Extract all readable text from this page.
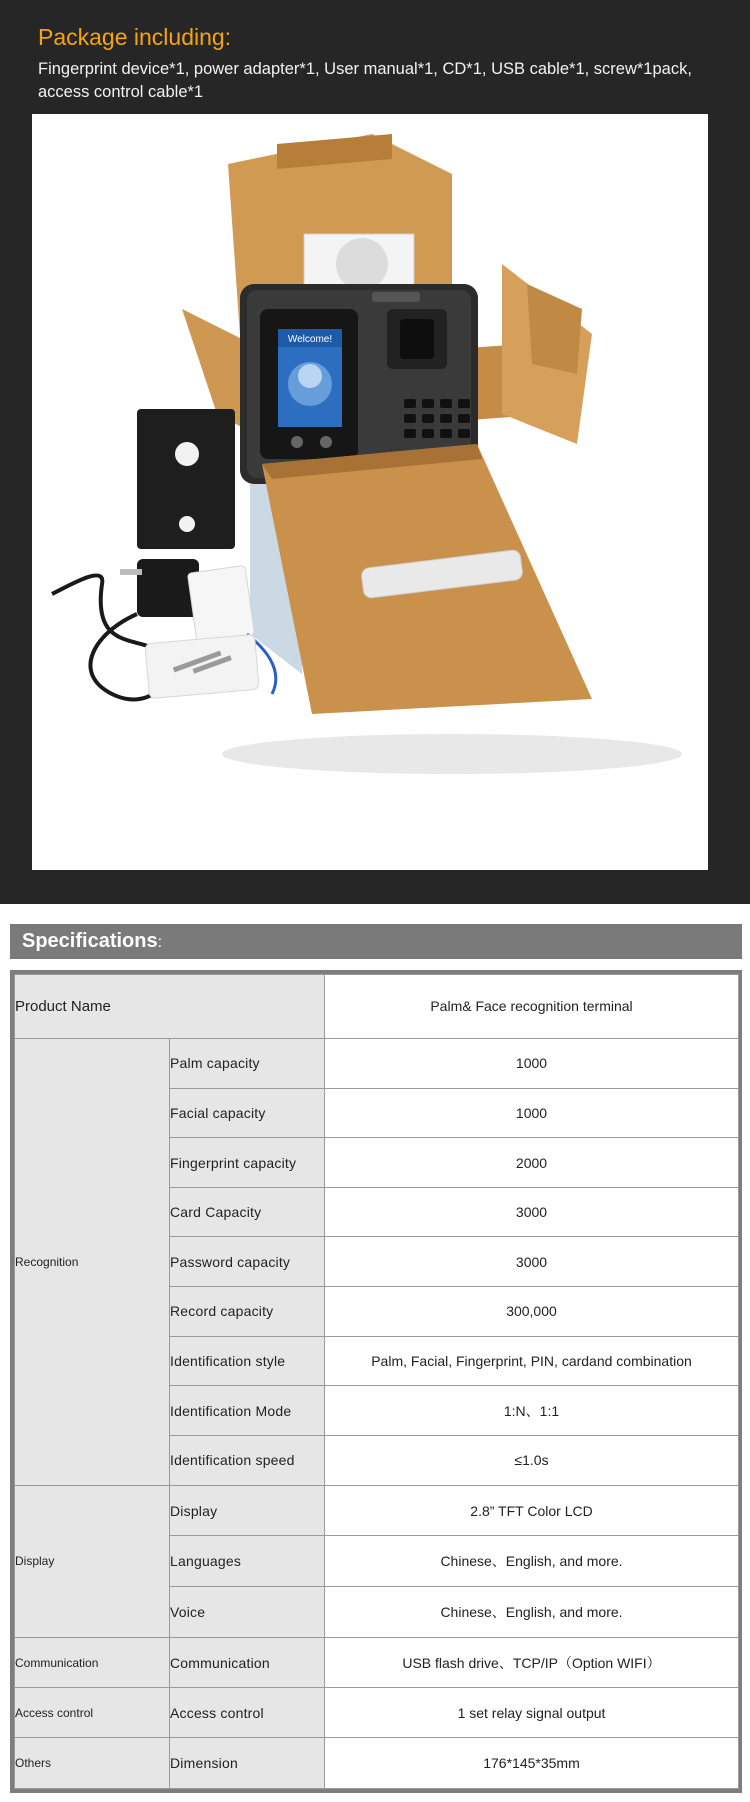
Package including:
Fingerprint device*1, power adapter*1, User manual*1, CD*1, USB cable*1, screw*1pack,
access control cable*1
Welcome!
Specifications:
Product Name		Palm& Face recognition terminal
Recognition	Palm capacity	1000
	Facial capacity	1000
	Fingerprint capacity	2000
	Card Capacity	3000
	Password capacity	3000
	Record capacity	300,000
	Identification style	Palm, Facial, Fingerprint, PIN, cardand combination
	Identification Mode	1:N、1:1
	Identification speed	≤1.0s
Display	Display	2.8” TFT Color LCD
	Languages	Chinese、English, and more.
	Voice	Chinese、English, and more.
Communication	Communication	USB flash drive、TCP/IP（Option WIFI）
Access control	Access control	1 set relay signal output
Others	Dimension	176*145*35mm
